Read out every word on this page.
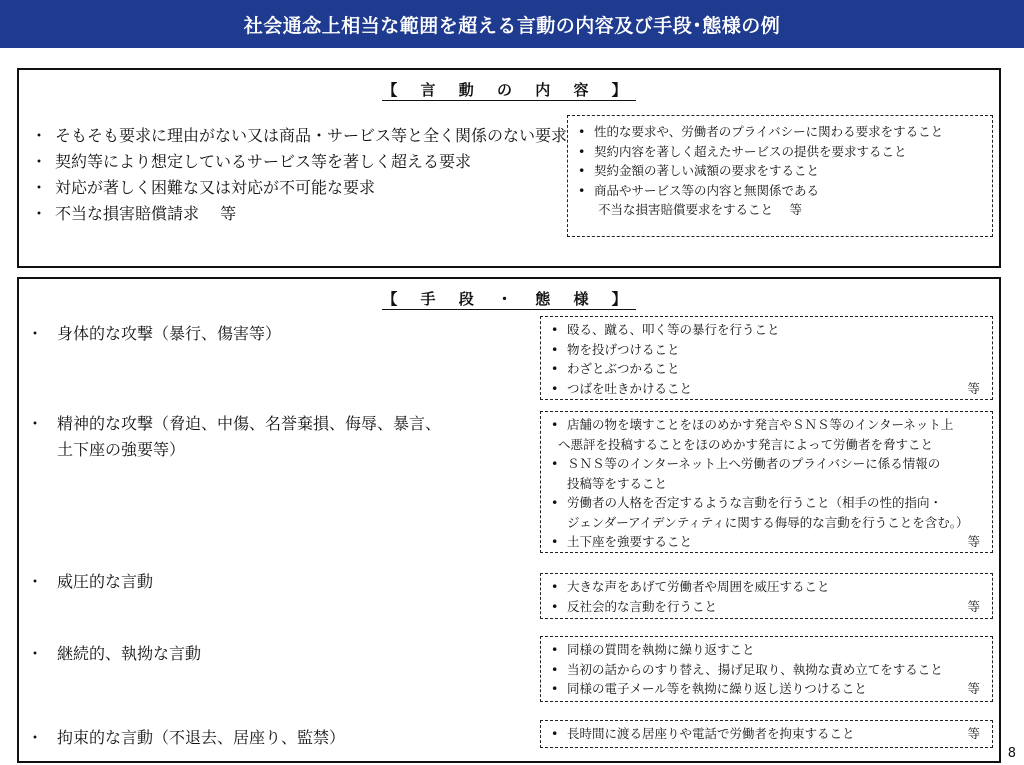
社会通念上相当な範囲を超える言動の内容及び手段･態様の例
【 言 動 の 内 容 】
・ そもそも要求に理由がない又は商品・サービス等と全く関係のない要求
・ 契約等により想定しているサービス等を著しく超える要求
・ 対応が著しく困難な又は対応が不可能な要求
・ 不当な損害賠償請求　 等
• 性的な要求や、労働者のプライバシーに関わる要求をすること
• 契約内容を著しく超えたサービスの提供を要求すること
• 契約金額の著しい減額の要求をすること
• 商品やサービス等の内容と無関係である
不当な損害賠償要求をすること　 等
【 手 段 ・ 態 様 】
・ 身体的な攻撃（暴行、傷害等）	• 殴る、蹴る、叩く等の暴行を行うこと
• 物を投げつけること
• わざとぶつかること
• つばを吐きかけること	等
・ 精神的な攻撃（脅迫、中傷、名誉棄損、侮辱、暴言、
土下座の強要等）
• 店舗の物を壊すことをほのめかす発言やＳＮＳ等のインターネット上
へ悪評を投稿することをほのめかす発言によって労働者を脅すこと
• ＳＮＳ等のインターネット上へ労働者のプライバシーに係る情報の
投稿等をすること
• 労働者の人格を否定するような言動を行うこと（相手の性的指向・
ジェンダーアイデンティティに関する侮辱的な言動を行うことを含む。）
• 土下座を強要すること	等
・ 威圧的な言動	• 大きな声をあげて労働者や周囲を威圧すること
• 反社会的な言動を行うこと	等
・ 継続的、執拗な言動	• 同様の質問を執拗に繰り返すこと
• 当初の話からのすり替え、揚げ足取り、執拗な責め立てをすること
• 同様の電子メール等を執拗に繰り返し送りつけること	等
・ 拘束的な言動（不退去、居座り、監禁）	• 長時間に渡る居座りや電話で労働者を拘束すること	等
8
